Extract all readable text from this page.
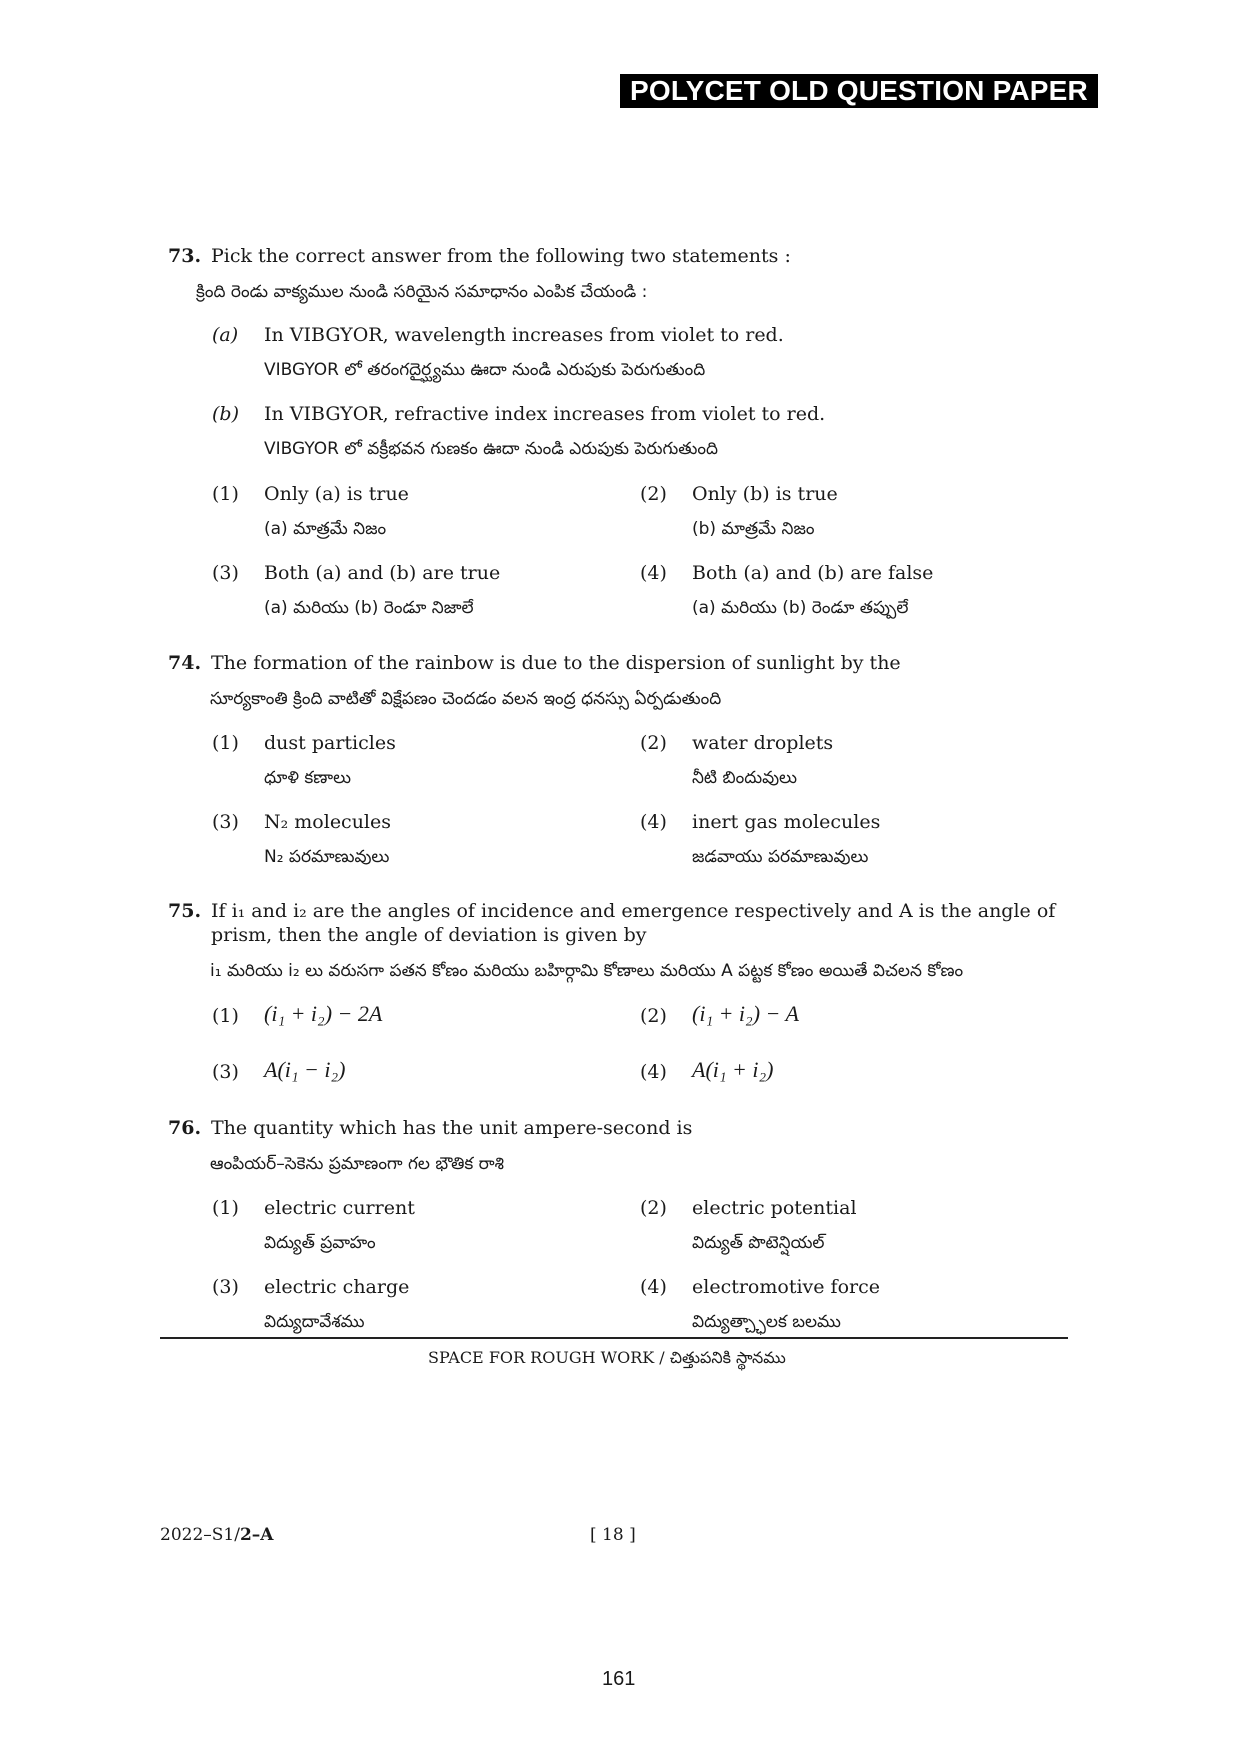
POLYCET OLD QUESTION PAPER
73. Pick the correct answer from the following two statements :
క్రింది రెండు వాక్యముల నుండి సరియైన సమాధానం ఎంపిక చేయండి :
(a) In VIBGYOR, wavelength increases from violet to red.
VIBGYOR లో తరంగదైర్ఘ్యము ఊదా నుండి ఎరుపుకు పెరుగుతుంది
(b) In VIBGYOR, refractive index increases from violet to red.
VIBGYOR లో వక్రీభవన గుణకం ఊదా నుండి ఎరుపుకు పెరుగుతుంది
(1) Only (a) is true
(a) మాత్రమే నిజం
(2) Only (b) is true
(b) మాత్రమే నిజం
(3) Both (a) and (b) are true
(a) మరియు (b) రెండూ నిజాలే
(4) Both (a) and (b) are false
(a) మరియు (b) రెండూ తప్పులే
74. The formation of the rainbow is due to the dispersion of sunlight by the
సూర్యకాంతి క్రింది వాటితో విక్షేపణం చెందడం వలన ఇంద్ర ధనస్సు ఏర్పడుతుంది
(1) dust particles
ధూళి కణాలు
(2) water droplets
నీటి బిందువులు
(3) N₂ molecules
N₂ పరమాణువులు
(4) inert gas molecules
జడవాయు పరమాణువులు
75. If i₁ and i₂ are the angles of incidence and emergence respectively and A is the angle of
prism, then the angle of deviation is given by
i₁ మరియు i₂ లు వరుసగా పతన కోణం మరియు బహిర్గామి కోణాలు మరియు A పట్టక కోణం అయితే విచలన కోణం
(1) (i₁ + i₂) − 2A	(2) (i₁ + i₂) − A
(3) A(i₁ − i₂)	(4) A(i₁ + i₂)
76. The quantity which has the unit ampere-second is
ఆంపియర్–సెకెను ప్రమాణంగా గల భౌతిక రాశి
(1) electric current
విద్యుత్ ప్రవాహం
(2) electric potential
విద్యుత్ పొటెన్షియల్
(3) electric charge
విద్యుదావేశము
(4) electromotive force
విద్యుత్చ్ఛాలక బలము
SPACE FOR ROUGH WORK / చిత్తుపనికి స్థానము
2022–S1/2–A	[ 18 ]
161
